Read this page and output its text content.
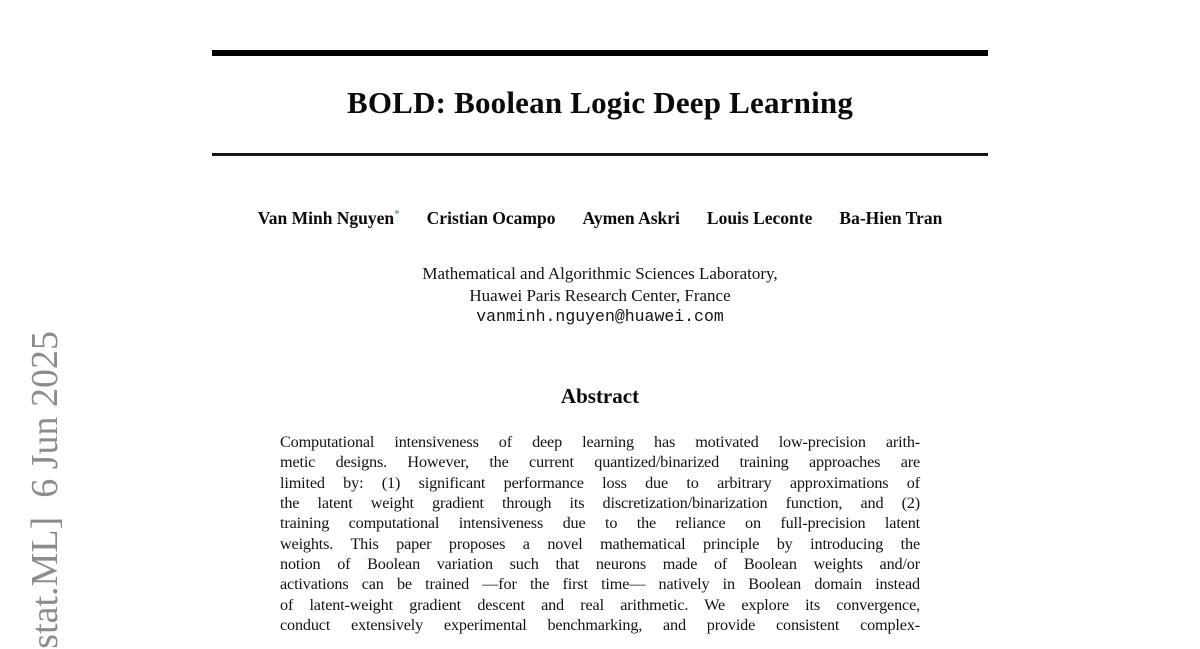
stat.ML]  6 Jun 2025
BOLD: Boolean Logic Deep Learning
Van Minh Nguyen* Cristian Ocampo Aymen Askri Louis Leconte Ba-Hien Tran
Mathematical and Algorithmic Sciences Laboratory,
Huawei Paris Research Center, France
vanminh.nguyen@huawei.com
Abstract
Computational intensiveness of deep learning has motivated low-precision arith-
metic designs. However, the current quantized/binarized training approaches are
limited by: (1) significant performance loss due to arbitrary approximations of
the latent weight gradient through its discretization/binarization function, and (2)
training computational intensiveness due to the reliance on full-precision latent
weights. This paper proposes a novel mathematical principle by introducing the
notion of Boolean variation such that neurons made of Boolean weights and/or
activations can be trained —for the first time— natively in Boolean domain instead
of latent-weight gradient descent and real arithmetic. We explore its convergence,
conduct extensively experimental benchmarking, and provide consistent complex-
